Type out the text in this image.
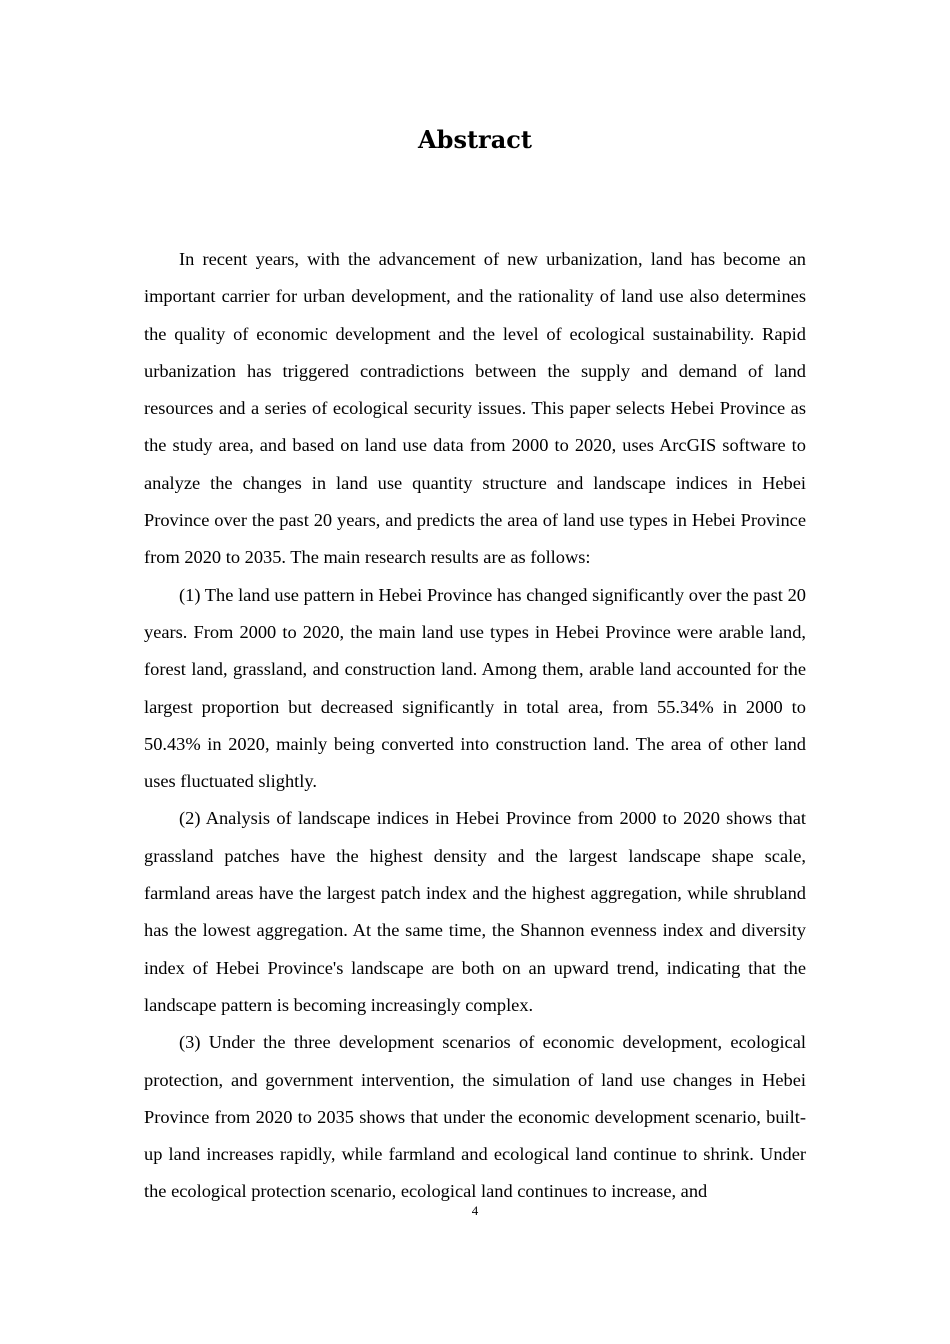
Abstract

In recent years, with the advancement of new urbanization, land has become an important carrier for urban development, and the rationality of land use also determines the quality of economic development and the level of ecological sustainability. Rapid urbanization has triggered contradictions between the supply and demand of land resources and a series of ecological security issues. This paper selects Hebei Province as the study area, and based on land use data from 2000 to 2020, uses ArcGIS software to analyze the changes in land use quantity structure and landscape indices in Hebei Province over the past 20 years, and predicts the area of land use types in Hebei Province from 2020 to 2035. The main research results are as follows:

(1) The land use pattern in Hebei Province has changed significantly over the past 20 years. From 2000 to 2020, the main land use types in Hebei Province were arable land, forest land, grassland, and construction land. Among them, arable land accounted for the largest proportion but decreased significantly in total area, from 55.34% in 2000 to 50.43% in 2020, mainly being converted into construction land. The area of other land uses fluctuated slightly.

(2) Analysis of landscape indices in Hebei Province from 2000 to 2020 shows that grassland patches have the highest density and the largest landscape shape scale, farmland areas have the largest patch index and the highest aggregation, while shrubland has the lowest aggregation. At the same time, the Shannon evenness index and diversity index of Hebei Province's landscape are both on an upward trend, indicating that the landscape pattern is becoming increasingly complex.

(3) Under the three development scenarios of economic development, ecological protection, and government intervention, the simulation of land use changes in Hebei Province from 2020 to 2035 shows that under the economic development scenario, built-up land increases rapidly, while farmland and ecological land continue to shrink. Under the ecological protection scenario, ecological land continues to increase, and

4
